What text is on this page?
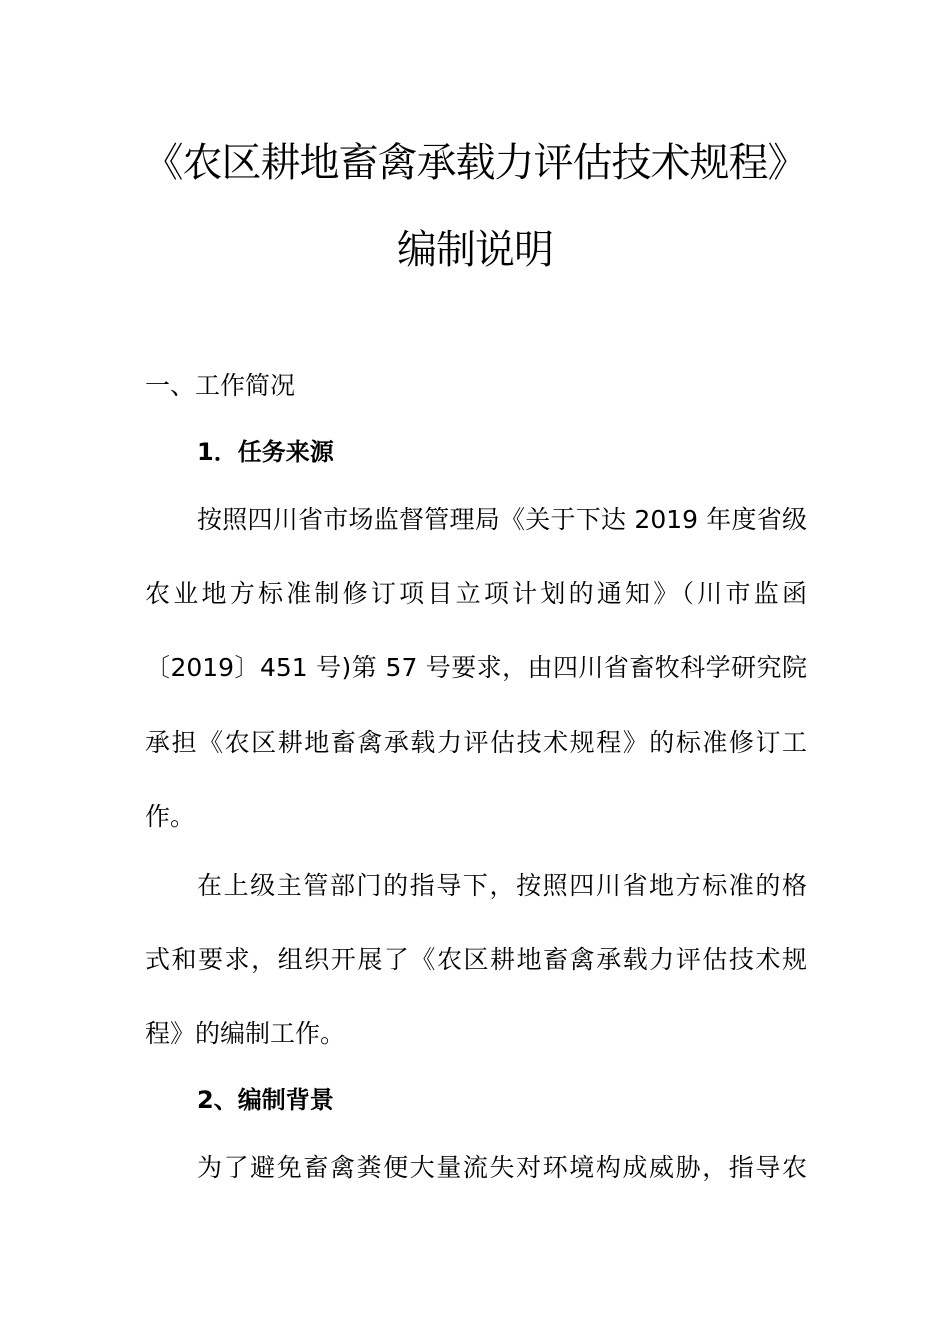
《农区耕地畜禽承载力评估技术规程》
编制说明
一、工作简况
1．任务来源
按照四川省市场监督管理局《关于下达 2019 年度省级
农业地方标准制修订项目立项计划的通知》（川市监函
〔2019〕451 号)第 57 号要求，由四川省畜牧科学研究院
承担《农区耕地畜禽承载力评估技术规程》的标准修订工
作。
在上级主管部门的指导下，按照四川省地方标准的格
式和要求，组织开展了《农区耕地畜禽承载力评估技术规
程》的编制工作。
2、编制背景
为了避免畜禽粪便大量流失对环境构成威胁，指导农
